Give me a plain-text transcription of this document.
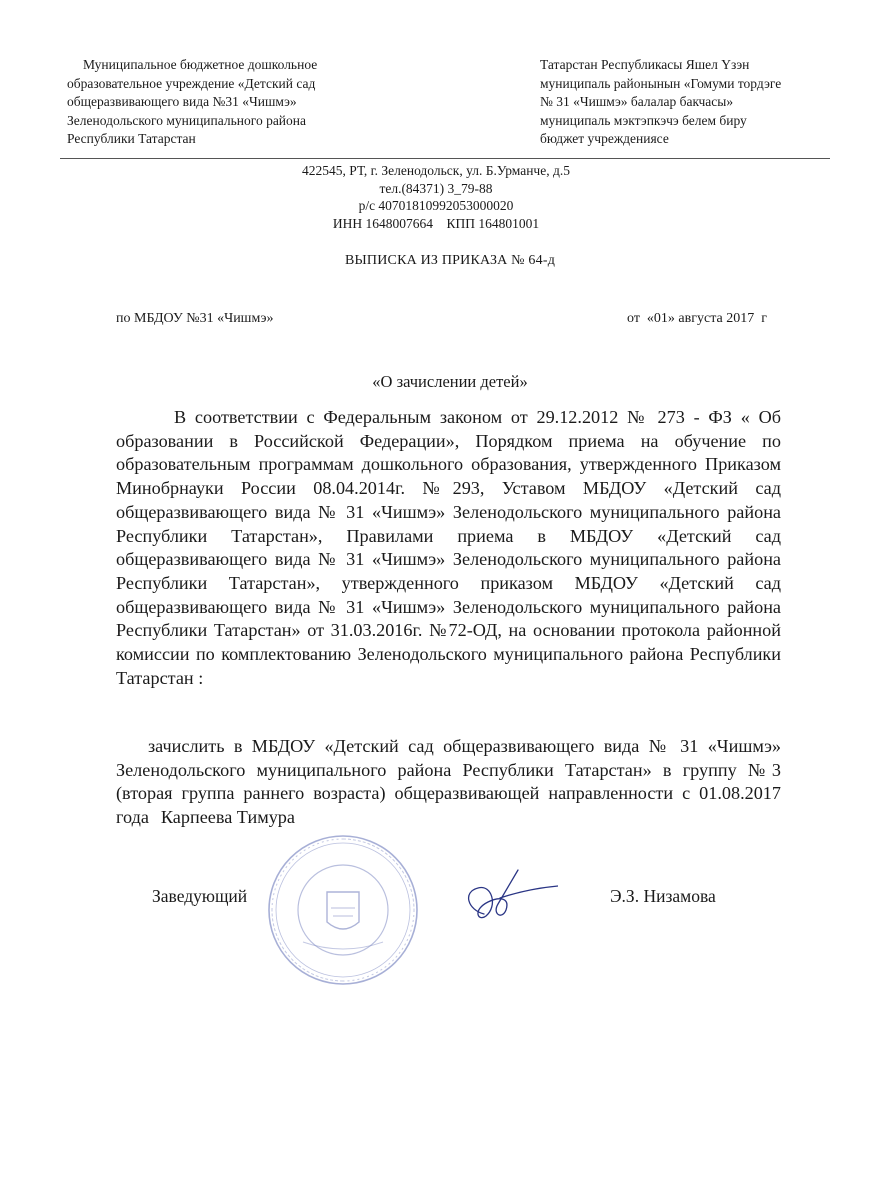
Муниципальное бюджетное дошкольное
образовательное учреждение «Детский сад
общеразвивающего вида №31 «Чишмэ»
Зеленодольского муниципального района
Республики Татарстан
Татарстан Республикасы Яшел Үзэн
муниципаль районынын «Гомуми тордэге
№ 31 «Чишмэ» балалар бакчасы»
муниципаль мэктэпкэчэ белем биру
бюджет учреждениясе
422545, РТ, г. Зеленодольск, ул. Б.Урманче, д.5
тел.(84371) 3_79-88
р/с 40701810992053000020
ИНН 1648007664    КПП 164801001
ВЫПИСКА ИЗ ПРИКАЗА № 64-д
по МБДОУ №31 «Чишмэ»	от  «01» августа 2017  г
«О зачислении детей»
В соответствии с Федеральным законом от 29.12.2012 № 273 - ФЗ « Об образовании в Российской Федерации», Порядком приема на обучение по образовательным программам дошкольного образования, утвержденного Приказом Минобрнауки России 08.04.2014г. №293, Уставом МБДОУ «Детский сад общеразвивающего вида № 31 «Чишмэ» Зеленодольского муниципального района Республики Татарстан», Правилами приема в МБДОУ «Детский сад общеразвивающего вида № 31 «Чишмэ» Зеленодольского муниципального района Республики Татарстан», утвержденного приказом МБДОУ «Детский сад общеразвивающего вида № 31 «Чишмэ» Зеленодольского муниципального района Республики Татарстан» от 31.03.2016г. №72-ОД, на основании протокола районной комиссии по комплектованию Зеленодольского муниципального района Республики Татарстан :
зачислить в МБДОУ «Детский сад общеразвивающего вида № 31 «Чишмэ» Зеленодольского муниципального района Республики Татарстан» в группу №3 (вторая группа раннего возраста) общеразвивающей направленности с 01.08.2017 года Карпеева Тимура
Заведующий	Э.З. Низамова
